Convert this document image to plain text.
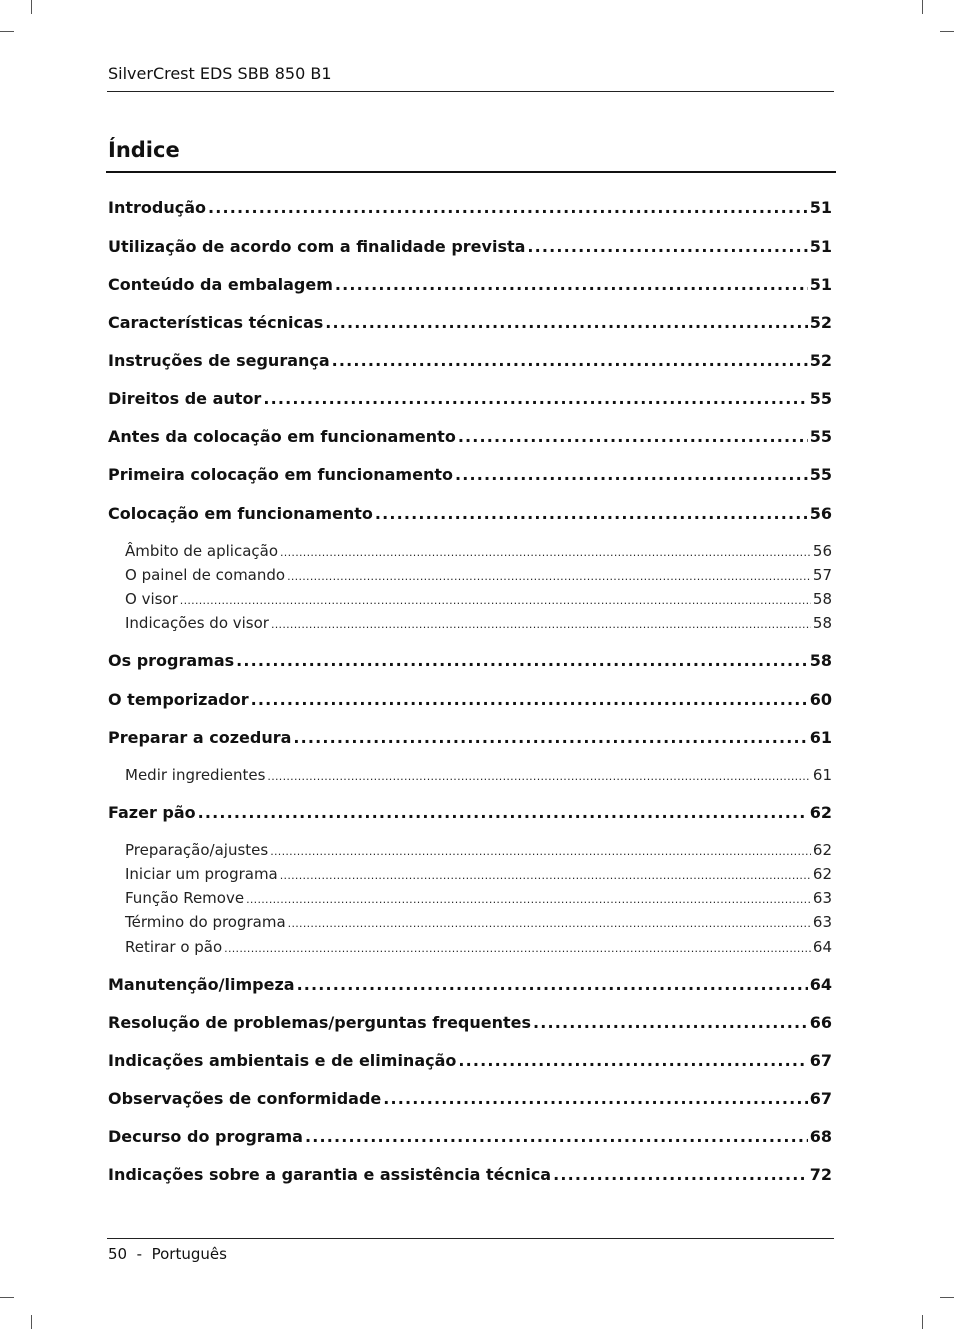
SilverCrest EDS SBB 850 B1
Índice
Introdução . . .	51
Utilização de acordo com a finalidade prevista . . .	51
Conteúdo da embalagem . . .	51
Características técnicas . . .	52
Instruções de segurança . . .	52
Direitos de autor . . .	55
Antes da colocação em funcionamento . . .	55
Primeira colocação em funcionamento . . .	55
Colocação em funcionamento . . .	56
Âmbito de aplicação . . .	56
O painel de comando . . .	57
O visor . . .	58
Indicações do visor . . .	58
Os programas . . .	58
O temporizador . . .	60
Preparar a cozedura . . .	61
Medir ingredientes . . .	61
Fazer pão . . .	62
Preparação/ajustes . . .	62
Iniciar um programa . . .	62
Função Remove . . .	63
Término do programa . . .	63
Retirar o pão . . .	64
Manutenção/limpeza . . .	64
Resolução de problemas/perguntas frequentes . . .	66
Indicações ambientais e de eliminação . . .	67
Observações de conformidade . . .	67
Decurso do programa . . .	68
Indicações sobre a garantia e assistência técnica . . .	72
50 - Português
